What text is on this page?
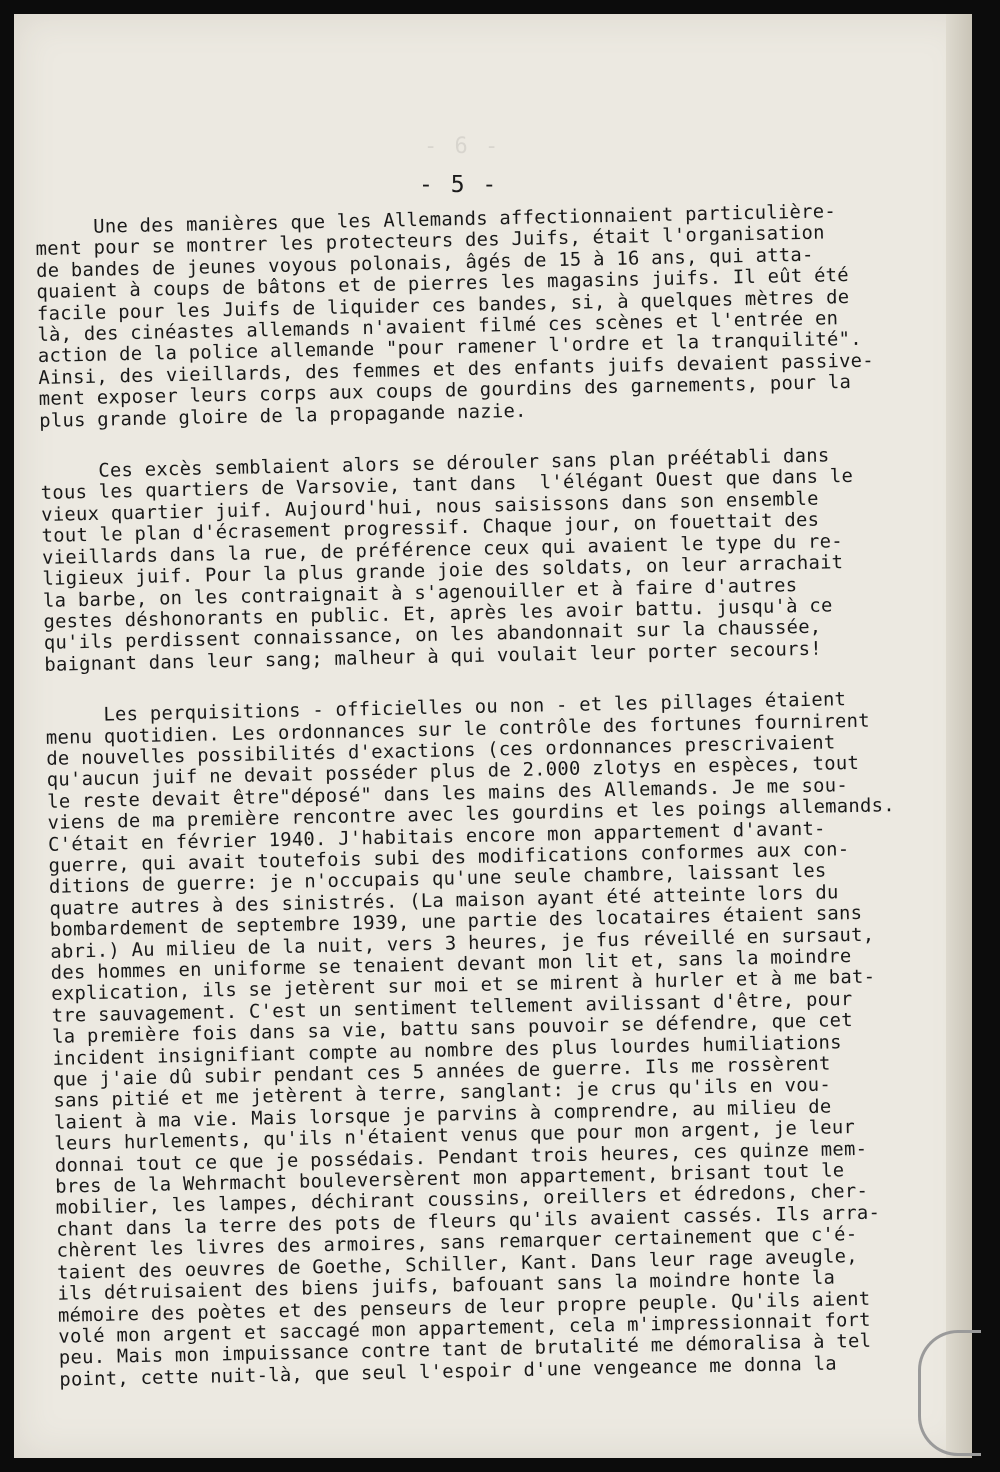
- 6 -
- 5 -

Une des manières que les Allemands affectionnaient particulière-
ment pour se montrer les protecteurs des Juifs, était l'organisation
de bandes de jeunes voyous polonais, âgés de 15 à 16 ans, qui atta-
quaient à coups de bâtons et de pierres les magasins juifs. Il eût été
facile pour les Juifs de liquider ces bandes, si, à quelques mètres de
là, des cinéastes allemands n'avaient filmé ces scènes et l'entrée en
action de la police allemande "pour ramener l'ordre et la tranquilité".
Ainsi, des vieillards, des femmes et des enfants juifs devaient passive-
ment exposer leurs corps aux coups de gourdins des garnements, pour la
plus grande gloire de la propagande nazie.

Ces excès semblaient alors se dérouler sans plan préétabli dans
tous les quartiers de Varsovie, tant dans  l'élégant Ouest que dans le
vieux quartier juif. Aujourd'hui, nous saisissons dans son ensemble
tout le plan d'écrasement progressif. Chaque jour, on fouettait des
vieillards dans la rue, de préférence ceux qui avaient le type du re-
ligieux juif. Pour la plus grande joie des soldats, on leur arrachait
la barbe, on les contraignait à s'agenouiller et à faire d'autres
gestes déshonorants en public. Et, après les avoir battu. jusqu'à ce
qu'ils perdissent connaissance, on les abandonnait sur la chaussée,
baignant dans leur sang; malheur à qui voulait leur porter secours!

Les perquisitions - officielles ou non - et les pillages étaient
menu quotidien. Les ordonnances sur le contrôle des fortunes fournirent
de nouvelles possibilités d'exactions (ces ordonnances prescrivaient
qu'aucun juif ne devait posséder plus de 2.000 zlotys en espèces, tout
le reste devait être"déposé" dans les mains des Allemands. Je me sou-
viens de ma première rencontre avec les gourdins et les poings allemands.
C'était en février 1940. J'habitais encore mon appartement d'avant-
guerre, qui avait toutefois subi des modifications conformes aux con-
ditions de guerre: je n'occupais qu'une seule chambre, laissant les
quatre autres à des sinistrés. (La maison ayant été atteinte lors du
bombardement de septembre 1939, une partie des locataires étaient sans
abri.) Au milieu de la nuit, vers 3 heures, je fus réveillé en sursaut,
des hommes en uniforme se tenaient devant mon lit et, sans la moindre
explication, ils se jetèrent sur moi et se mirent à hurler et à me bat-
tre sauvagement. C'est un sentiment tellement avilissant d'être, pour
la première fois dans sa vie, battu sans pouvoir se défendre, que cet
incident insignifiant compte au nombre des plus lourdes humiliations
que j'aie dû subir pendant ces 5 années de guerre. Ils me rossèrent
sans pitié et me jetèrent à terre, sanglant: je crus qu'ils en vou-
laient à ma vie. Mais lorsque je parvins à comprendre, au milieu de
leurs hurlements, qu'ils n'étaient venus que pour mon argent, je leur
donnai tout ce que je possédais. Pendant trois heures, ces quinze mem-
bres de la Wehrmacht bouleversèrent mon appartement, brisant tout le
mobilier, les lampes, déchirant coussins, oreillers et édredons, cher-
chant dans la terre des pots de fleurs qu'ils avaient cassés. Ils arra-
chèrent les livres des armoires, sans remarquer certainement que c'é-
taient des oeuvres de Goethe, Schiller, Kant. Dans leur rage aveugle,
ils détruisaient des biens juifs, bafouant sans la moindre honte la
mémoire des poètes et des penseurs de leur propre peuple. Qu'ils aient
volé mon argent et saccagé mon appartement, cela m'impressionnait fort
peu. Mais mon impuissance contre tant de brutalité me démoralisa à tel
point, cette nuit-là, que seul l'espoir d'une vengeance me donna la
